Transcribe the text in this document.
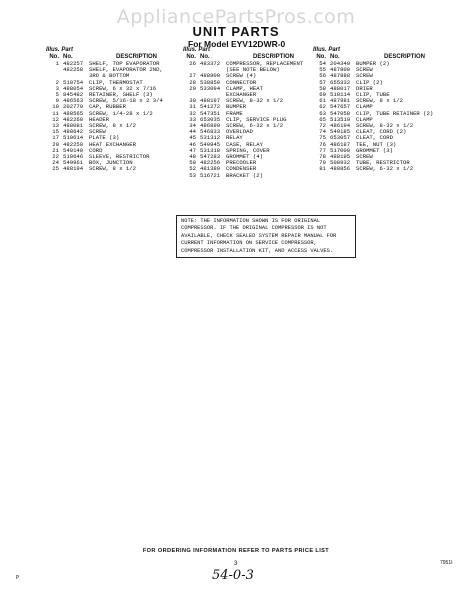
AppliancePartsPros.com
UNIT PARTS
For Model EYV12DWR-0
Illus. Part
No. No.	DESCRIPTION
1 482257	SHELF, TOP EVAPORATOR
482258	SHELF, EVAPORATOR 2ND,
3RD & BOTTOM
2 510754	CLIP, THERMOSTAT
3 488054	SCREW, 6 x 32 x 7/16
5 845482	RETAINER, SHELF (3)
9 486563	SCREW, 5/16-18 x 2 3/4
10 202770	CAP, RUBBER
11 488565	SCREW, 1/4-28 x 1/2
12 482260	HEADER
13 488081	SCREW, 8 x 1/2
15 488642	SCREW
17 510614	PLATE (3)
20 482259	HEAT EXCHANGER
21 549140	CORD
22 510646	SLEEVE, RESTRICTOR
24 549961	BOX, JUNCTION
25 488194	SCREW, 8 x 1/2
Illus. Part
No. No.	DESCRIPTION
26 483372	COMPRESSOR, REPLACEMENT
(SEE NOTE BELOW)
27 488900	SCREW (4)
28 538850	CONNECTOR
29 533094	CLAMP, HEAT
EXCHANGER
30 488197	SCREW, 8-32 x 1/2
31 541272	BUMPER
32 547351	FRAME
33 653035	CLIP, SERVICE PLUG
34 486899	SCREW, 6-32 x 1/2
44 546833	OVERLOAD
45 531312	RELAY
46 549945	CASE, RELAY
47 531318	SPRING, COVER
48 547283	GROMMET (4)
50 482256	PRECOOLER
52 481389	CONDENSER
53 516721	BRACKET (2)
Illus. Part
No. No.	DESCRIPTION
54 204349	BUMPER (2)
55 487800	SCREW
56 487888	SCREW
57 655332	CLIP (2)
58 488017	DRIER
60 510114	CLIP, TUBE
61 487981	SCREW, 8 x 1/2
62 547657	CLAMP
63 547058	CLIP, TUBE RETAINER (2)
65 513519	CLAMP
72 486194	SCREW, 8-32 x 1/2
74 549185	CLEAT, CORD (2)
75 653057	CLEAT, CORD
76 486187	TEE, NUT (3)
77 517000	GROMMET (3)
78 488195	SCREW
79 508932	TUBE, RESTRICTOR
81 488856	SCREW, 6-32 x 1/2
NOTE: THE INFORMATION SHOWN IS FOR ORIGINAL COMPRESSOR. IF THE ORIGINAL COMPRESSOR IS NOT AVAILABLE, CHECK SEALED SYSTEM REPAIR MANUAL FOR CURRENT INFORMATION ON SERVICE COMPRESSOR, COMPRESSOR INSTALLATION KIT, AND ACCESS VALVES.
FOR ORDERING INFORMATION REFER TO PARTS PRICE LIST
3
54-0-3
7951I
P
